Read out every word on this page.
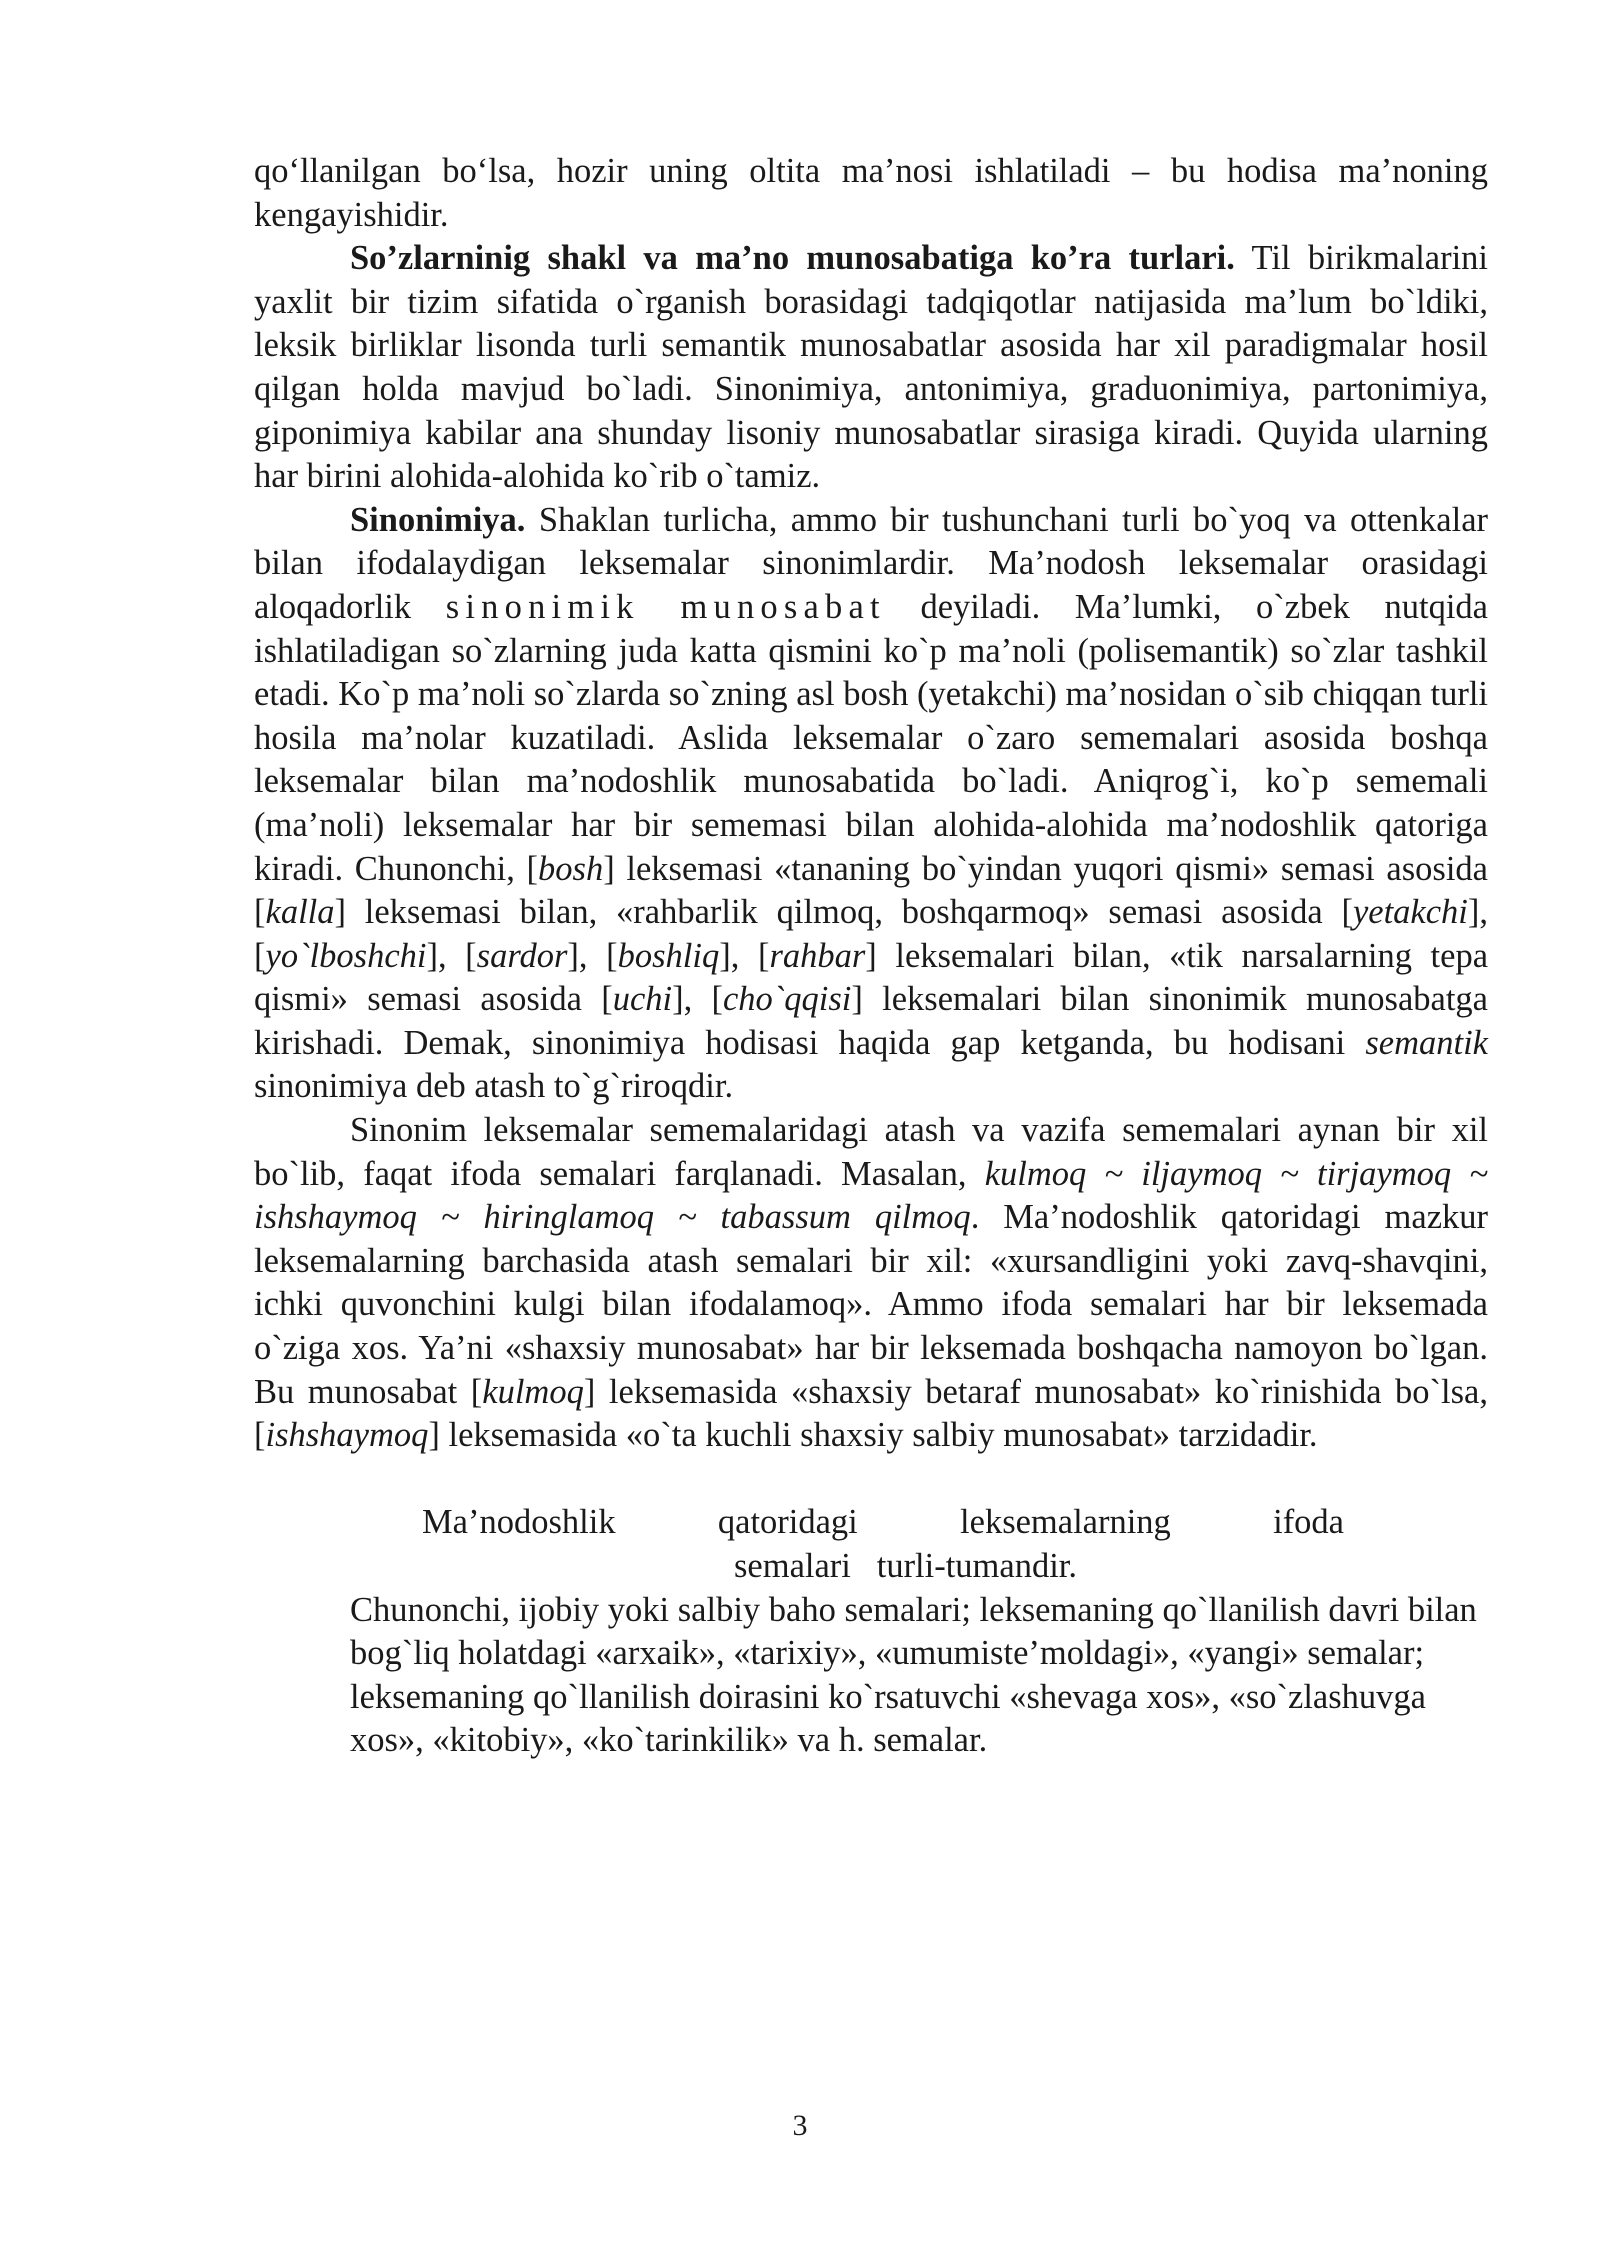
qo‘llanilgan bo‘lsa, hozir uning oltita ma’nosi ishlatiladi – bu hodisa ma’noning kengayishidir.

So’zlarninig shakl va ma’no munosabatiga ko’ra turlari. Til birikmalarini yaxlit bir tizim sifatida o`rganish borasidagi tadqiqotlar natijasida ma’lum bo`ldiki, leksik birliklar lisonda turli semantik munosabatlar asosida har xil paradigmalar hosil qilgan holda mavjud bo`ladi. Sinonimiya, antonimiya, graduonimiya, partonimiya, giponimiya kabilar ana shunday lisoniy munosabatlar sirasiga kiradi. Quyida ularning har birini alohida-alohida ko`rib o`tamiz.

Sinonimiya. Shaklan turlicha, ammo bir tushunchani turli bo`yoq va ottenkalar bilan ifodalaydigan leksemalar sinonimlardir. Ma’nodosh leksemalar orasidagi aloqadorlik sinonimik munosabat deyiladi. Ma’lumki, o`zbek nutqida ishlatiladigan so`zlarning juda katta qismini ko`p ma’noli (polisemantik) so`zlar tashkil etadi. Ko`p ma’noli so`zlarda so`zning asl bosh (yetakchi) ma’nosidan o`sib chiqqan turli hosila ma’nolar kuzatiladi. Aslida leksemalar o`zaro sememalari asosida boshqa leksemalar bilan ma’nodoshlik munosabatida bo`ladi. Aniqrog`i, ko`p sememali (ma’noli) leksemalar har bir sememasi bilan alohida-alohida ma’nodoshlik qatoriga kiradi. Chunonchi, [bosh] leksemasi «tananing bo`yindan yuqori qismi» semasi asosida [kalla] leksemasi bilan, «rahbarlik qilmoq, boshqarmoq» semasi asosida [yetakchi], [yo`lboshchi], [sardor], [boshliq], [rahbar] leksemalari bilan, «tik narsalarning tepa qismi» semasi asosida [uchi], [cho`qqisi] leksemalari bilan sinonimik munosabatga kirishadi. Demak, sinonimiya hodisasi haqida gap ketganda, bu hodisani semantik sinonimiya deb atash to`g`riroqdir.

Sinonim leksemalar sememalaridagi atash va vazifa sememalari aynan bir xil bo`lib, faqat ifoda semalari farqlanadi. Masalan, kulmoq ~ iljaymoq ~ tirjaymoq ~ ishshaymoq ~ hiringlamoq ~ tabassum qilmoq. Ma’nodoshlik qatoridagi mazkur leksemalarning barchasida atash semalari bir xil: «xursandligini yoki zavq-shavqini, ichki quvonchini kulgi bilan ifodalamoq». Ammo ifoda semalari har bir leksemada o`ziga xos. Ya’ni «shaxsiy munosabat» har bir leksemada boshqacha namoyon bo`lgan. Bu munosabat [kulmoq] leksemasida «shaxsiy betaraf munosabat» ko`rinishida bo`lsa, [ishshaymoq] leksemasida «o`ta kuchli shaxsiy salbiy munosabat» tarzidadir.

Ma’nodoshlik	qatoridagi	leksemalarning	ifoda
semalari   turli-tumandir.

Chunonchi, ijobiy yoki salbiy baho semalari; leksemaning qo`llanilish davri bilan

bog`liq holatdagi «arxaik», «tarixiy», «umumiste’moldagi», «yangi» semalar;

leksemaning qo`llanilish doirasini ko`rsatuvchi «shevaga xos», «so`zlashuvga

xos», «kitobiy», «ko`tarinkilik» va h. semalar.

3
